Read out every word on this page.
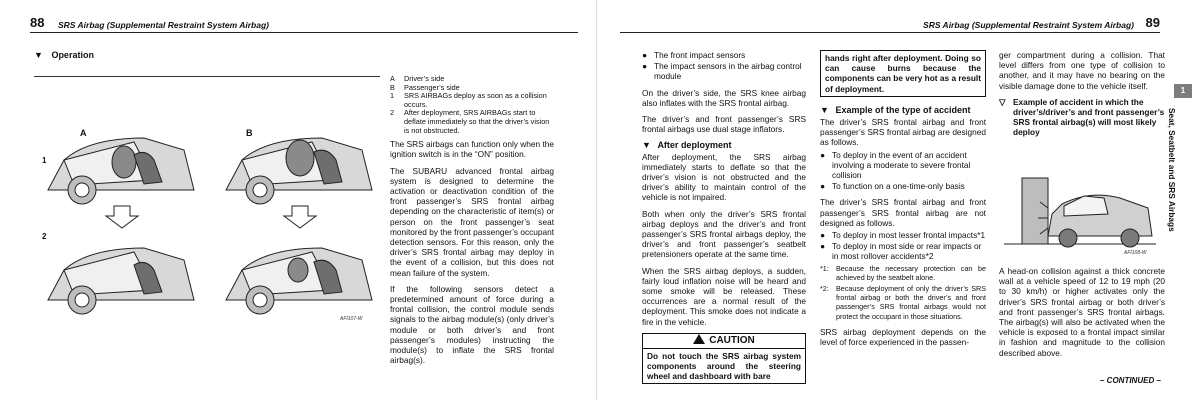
88 SRS Airbag (Supplemental Restraint System Airbag)	SRS Airbag (Supplemental Restraint System Airbag) 89
▼ Operation
A	B
1
2
AFI107-W
A	Driver’s side
B	Passenger’s side
1	SRS AIRBAGs deploy as soon as a collision occurs.
2	After deployment, SRS AIRBAGs start to deflate immediately so that the driver’s vision is not obstructed.

The SRS airbags can function only when the ignition switch is in the “ON” position.

The SUBARU advanced frontal airbag system is designed to determine the activation or deactivation condition of the front passenger’s SRS frontal airbag depending on the characteristic of item(s) or person on the front passenger’s seat monitored by the front passenger’s occupant detection sensors. For this reason, only the driver’s SRS frontal airbag may deploy in the event of a collision, but this does not mean failure of the system.

If the following sensors detect a predetermined amount of force during a frontal collision, the control module sends signals to the airbag module(s) (only driver’s module or both driver’s and front passenger’s modules) instructing the module(s) to inflate the SRS frontal airbag(s).

● The front impact sensors
● The impact sensors in the airbag control module

On the driver’s side, the SRS knee airbag also inflates with the SRS frontal airbag.

The driver’s and front passenger’s SRS frontal airbags use dual stage inflators.

▼ After deployment

After deployment, the SRS airbag immediately starts to deflate so that the driver’s vision is not obstructed and the driver’s ability to maintain control of the vehicle is not impaired.

Both when only the driver’s SRS frontal airbag deploys and the driver’s and front passenger’s SRS frontal airbags deploy, the driver’s and front passenger’s seatbelt pretensioners operate at the same time.

When the SRS airbag deploys, a sudden, fairly loud inflation noise will be heard and some smoke will be released. These occurrences are a normal result of the deployment. This smoke does not indicate a fire in the vehicle.

CAUTION
Do not touch the SRS airbag system components around the steering wheel and dashboard with bare
hands right after deployment. Doing so can cause burns because the components can be very hot as a result of deployment.
▼ Example of the type of accident

The driver’s SRS frontal airbag and front passenger’s SRS frontal airbag are designed as follows.

● To deploy in the event of an accident involving a moderate to severe frontal collision
● To function on a one-time-only basis

The driver’s SRS frontal airbag and front passenger’s SRS frontal airbag are not designed as follows.

● To deploy in most lesser frontal impacts*1
● To deploy in most side or rear impacts or in most rollover accidents*2
*1:	Because the necessary protection can be achieved by the seatbelt alone.
*2:	Because deployment of only the driver’s SRS frontal airbag or both the driver’s and front passenger’s SRS frontal airbags would not protect the occupant in those situations.

SRS airbag deployment depends on the level of force experienced in the passen-

ger compartment during a collision. That level differs from one type of collision to another, and it may have no bearing on the visible damage done to the vehicle itself.

▽ Example of accident in which the driver’s/driver’s and front passenger’s SRS frontal airbag(s) will most likely deploy
AFI108-W

A head-on collision against a thick concrete wall at a vehicle speed of 12 to 19 mph (20 to 30 km/h) or higher activates only the driver’s SRS frontal airbag or both driver’s and front passenger’s SRS frontal airbags. The airbag(s) will also be activated when the vehicle is exposed to a frontal impact similar in fashion and magnitude to the collision described above.

– CONTINUED –
1
Seat, Seatbelt and SRS Airbags
